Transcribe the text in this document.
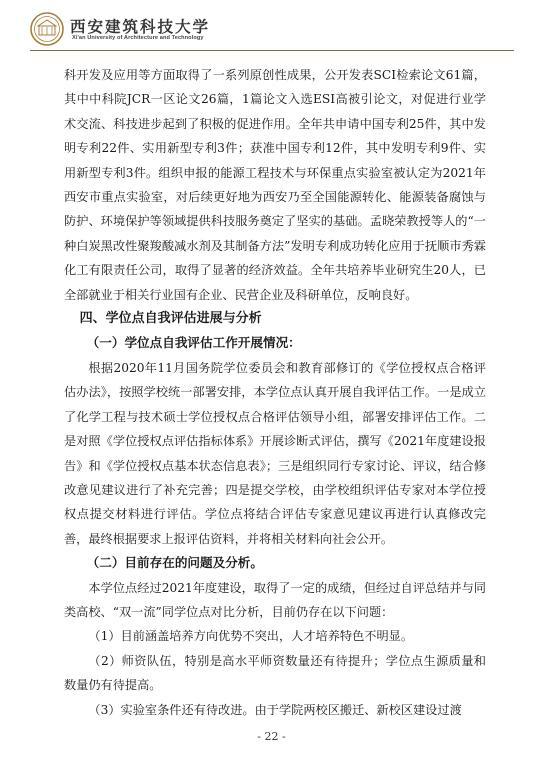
西安建筑科技大学
Xi'an University of Architecture and Technology

科开发及应用等方面取得了一系列原创性成果，公开发表SCI检索论文61篇，其中中科院JCR一区论文26篇，1篇论文入选ESI高被引论文，对促进行业学术交流、科技进步起到了积极的促进作用。全年共申请中国专利25件，其中发明专利22件、实用新型专利3件；获准中国专利12件，其中发明专利9件、实用新型专利3件。组织申报的能源工程技术与环保重点实验室被认定为2021年西安市重点实验室，对后续更好地为西安乃至全国能源转化、能源装备腐蚀与防护、环境保护等领域提供科技服务奠定了坚实的基础。孟晓荣教授等人的“一种白炭黑改性聚羧酸减水剂及其制备方法”发明专利成功转化应用于抚顺市秀霖化工有限责任公司，取得了显著的经济效益。全年共培养毕业研究生20人，已全部就业于相关行业国有企业、民营企业及科研单位，反响良好。

四、学位点自我评估进展与分析

（一）学位点自我评估工作开展情况：

根据2020年11月国务院学位委员会和教育部修订的《学位授权点合格评估办法》，按照学校统一部署安排，本学位点认真开展自我评估工作。一是成立了化学工程与技术硕士学位授权点合格评估领导小组，部署安排评估工作。二是对照《学位授权点评估指标体系》开展诊断式评估，撰写《2021年度建设报告》和《学位授权点基本状态信息表》；三是组织同行专家讨论、评议，结合修改意见建议进行了补充完善；四是提交学校，由学校组织评估专家对本学位授权点提交材料进行评估。学位点将结合评估专家意见建议再进行认真修改完善，最终根据要求上报评估资料，并将相关材料向社会公开。

（二）目前存在的问题及分析。

本学位点经过2021年度建设，取得了一定的成绩，但经过自评总结并与同类高校、“双一流”同学位点对比分析，目前仍存在以下问题：

（1）目前涵盖培养方向优势不突出，人才培养特色不明显。

（2）师资队伍，特别是高水平师资数量还有待提升；学位点生源质量和数量仍有待提高。

（3）实验室条件还有待改进。由于学院两校区搬迁、新校区建设过渡

- 22 -
